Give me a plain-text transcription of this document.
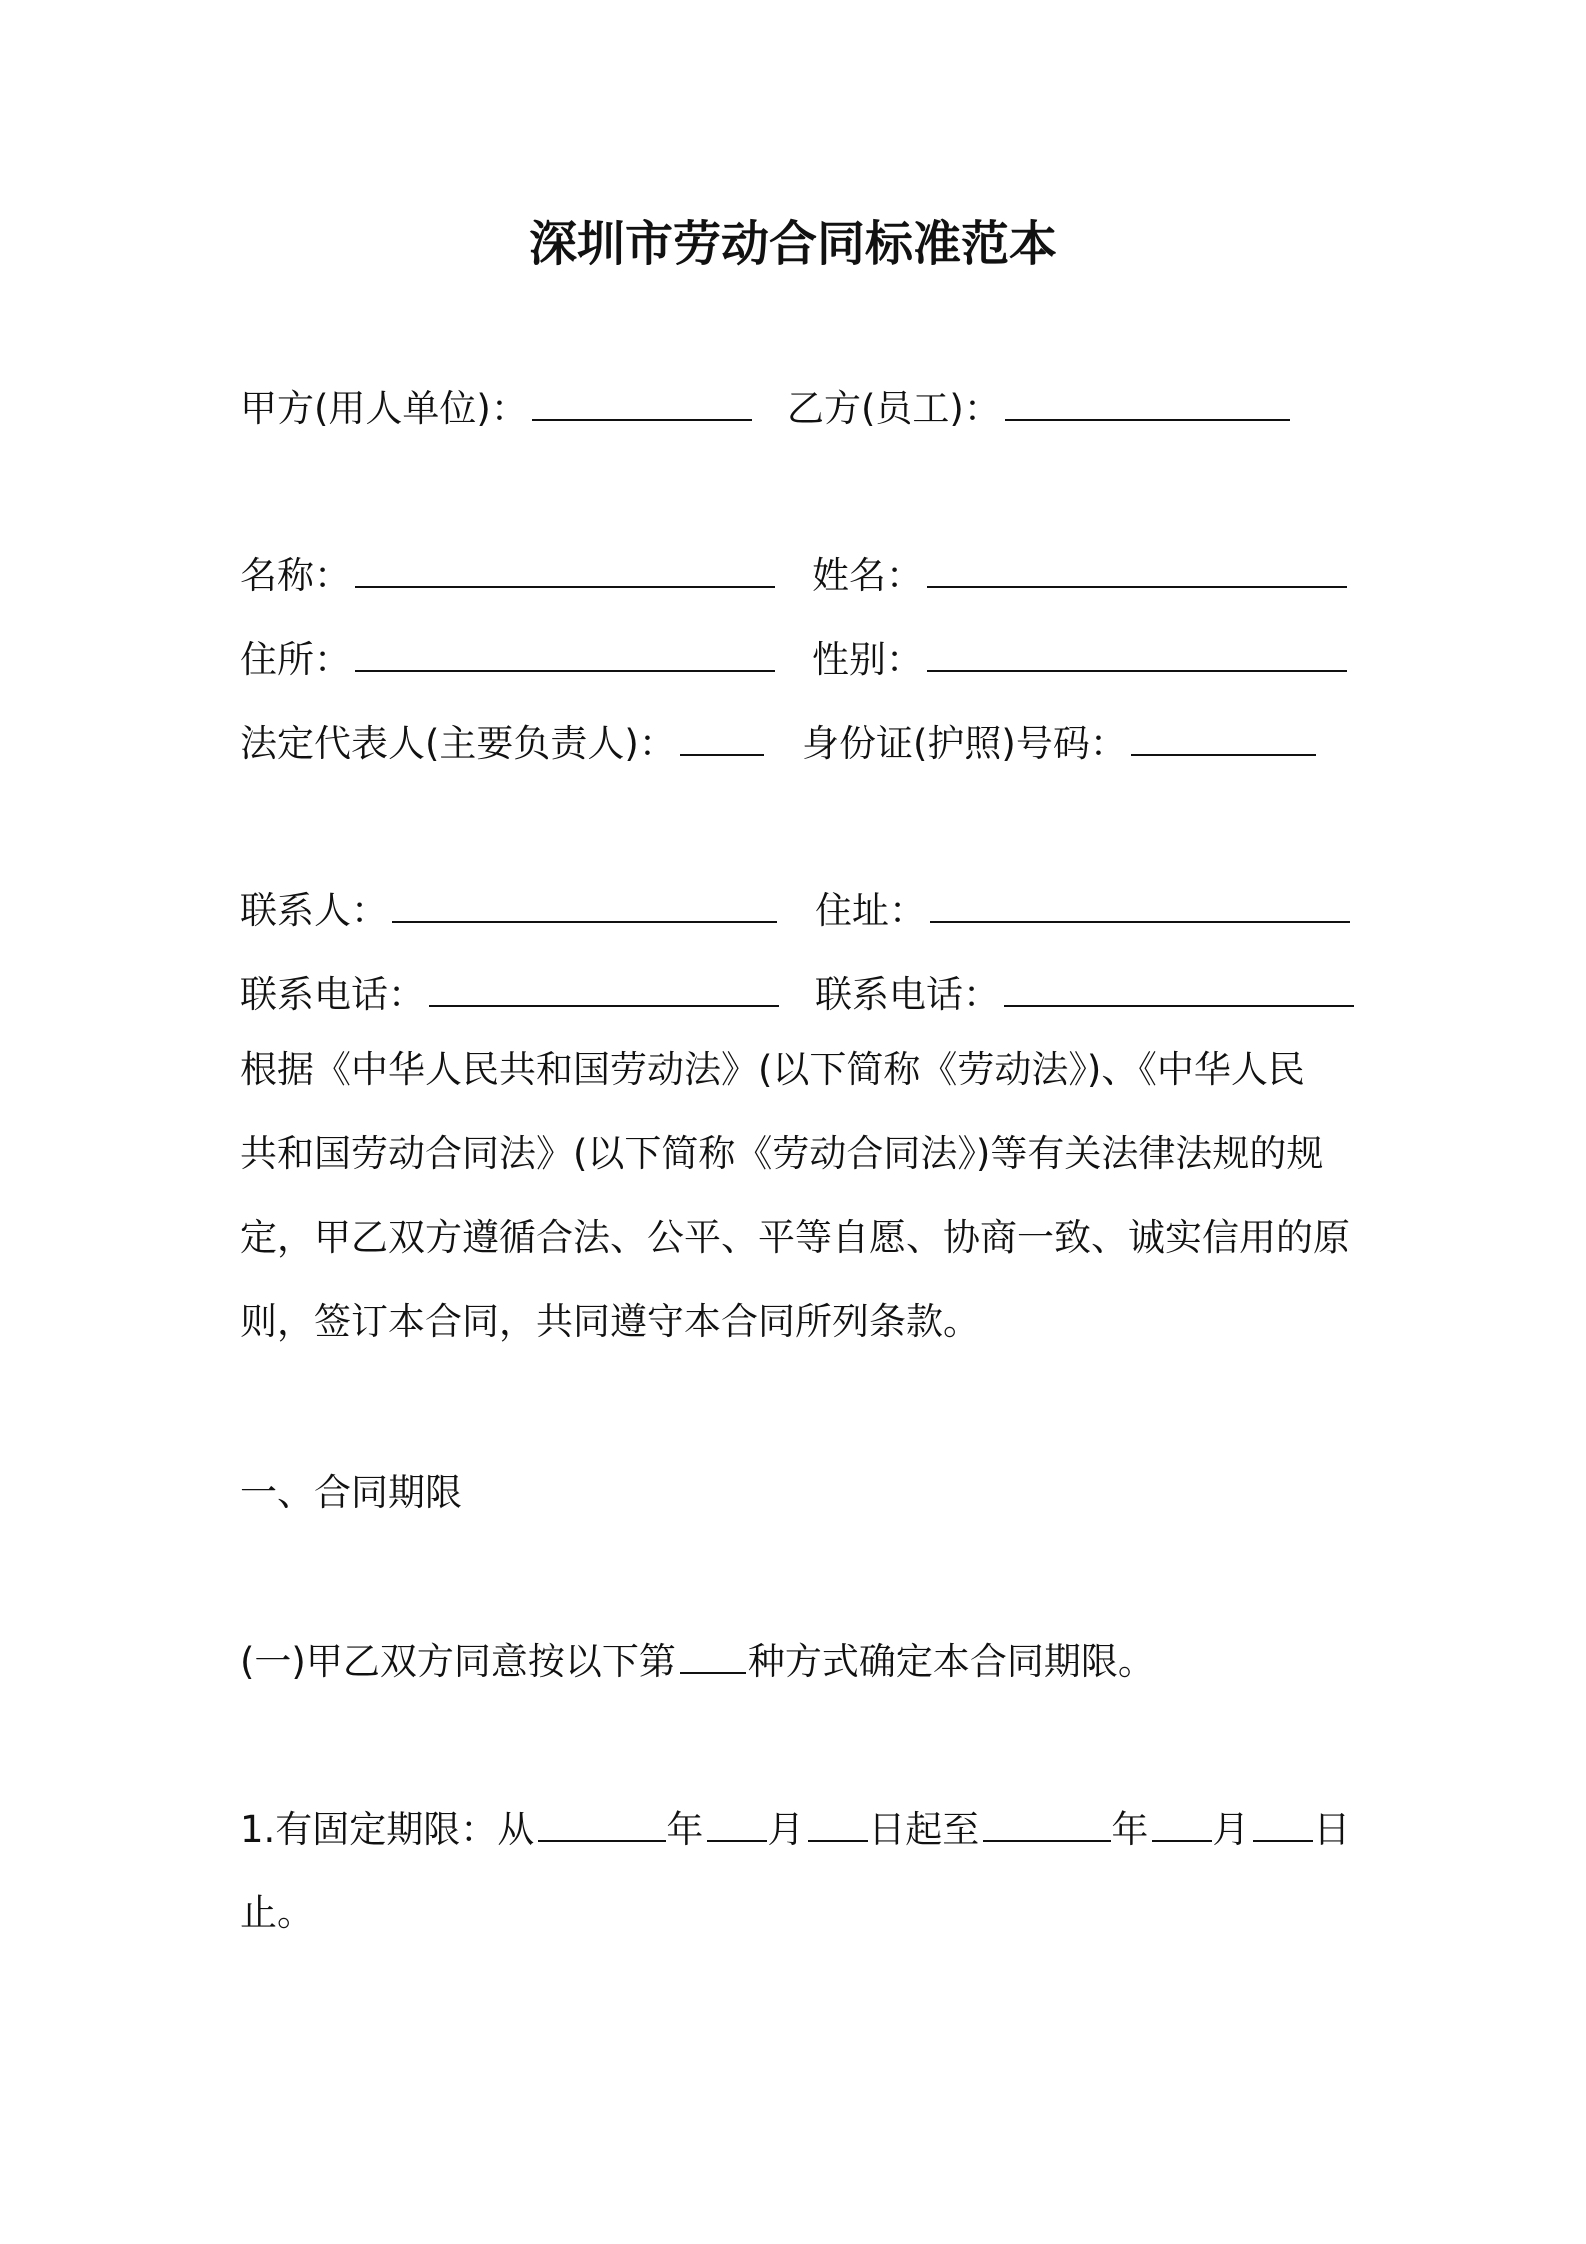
深圳市劳动合同标准范本
甲方(用人单位)：	乙方(员工)：
名称：	姓名：
住所：	性别：
法定代表人(主要负责人)：	身份证(护照)号码：
联系人：	住址：
联系电话：	联系电话：
根据《中华人民共和国劳动法》(以下简称《劳动法》)、《中华人民
共和国劳动合同法》(以下简称《劳动合同法》)等有关法律法规的规
定，甲乙双方遵循合法、公平、平等自愿、协商一致、诚实信用的原
则，签订本合同，共同遵守本合同所列条款。
一、合同期限
(一)甲乙双方同意按以下第 种方式确定本合同期限。
1.有固定期限：从	年 月 日起至	年 月 日
止。
